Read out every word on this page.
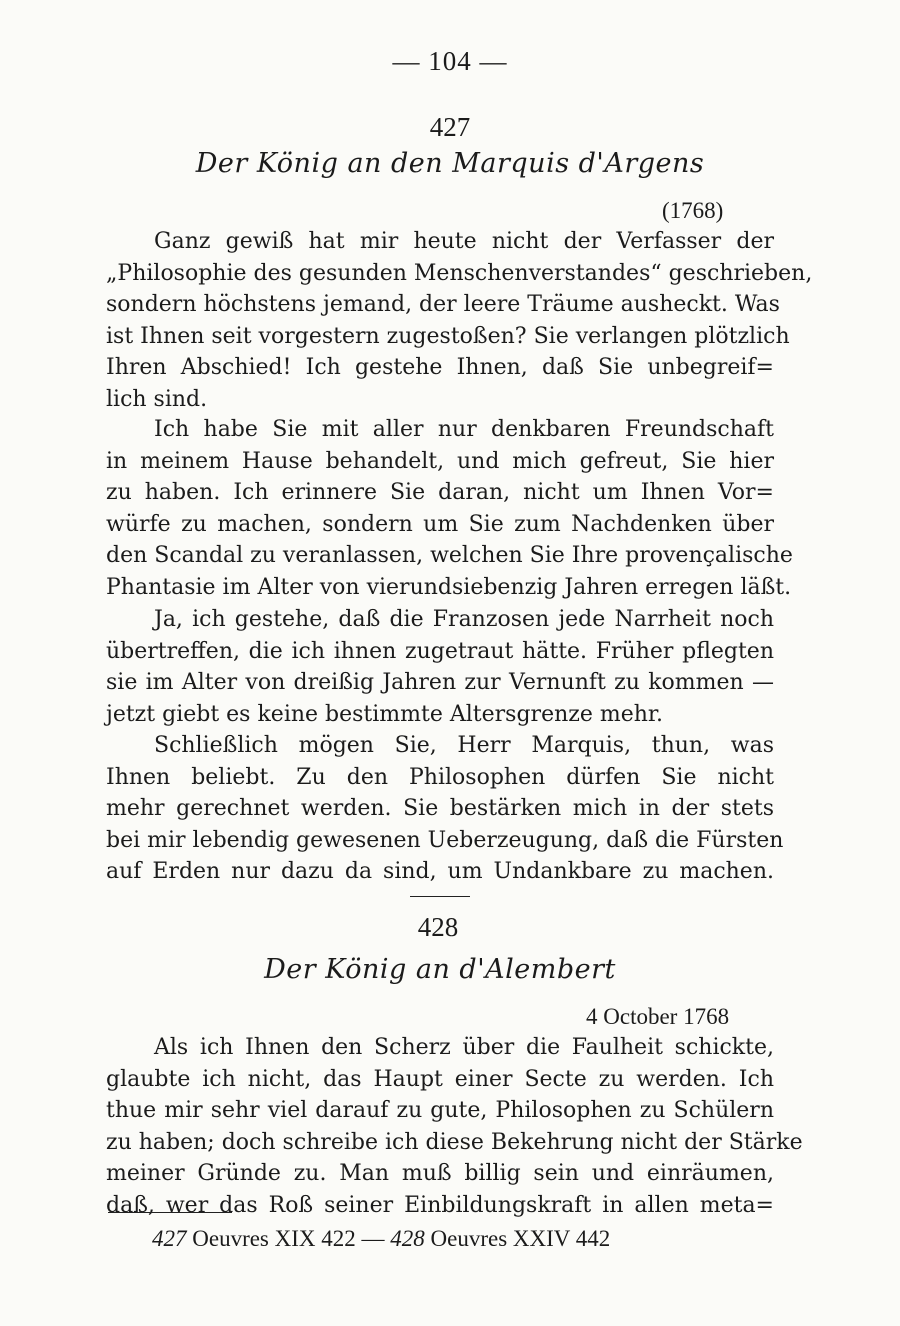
— 104 —
427
Der König an den Marquis d'Argens
(1768)
Ganz gewiß hat mir heute nicht der Verfasser der
„Philosophie des gesunden Menschenverstandes“ geschrieben,
sondern höchstens jemand, der leere Träume ausheckt. Was
ist Ihnen seit vorgestern zugestoßen? Sie verlangen plötzlich
Ihren Abschied! Ich gestehe Ihnen, daß Sie unbegreif=
lich sind.
Ich habe Sie mit aller nur denkbaren Freundschaft
in meinem Hause behandelt, und mich gefreut, Sie hier
zu haben. Ich erinnere Sie daran, nicht um Ihnen Vor=
würfe zu machen, sondern um Sie zum Nachdenken über
den Scandal zu veranlassen, welchen Sie Ihre provençalische
Phantasie im Alter von vierundsiebenzig Jahren erregen läßt.
Ja, ich gestehe, daß die Franzosen jede Narrheit noch
übertreffen, die ich ihnen zugetraut hätte. Früher pflegten
sie im Alter von dreißig Jahren zur Vernunft zu kommen —
jetzt giebt es keine bestimmte Altersgrenze mehr.
Schließlich mögen Sie, Herr Marquis, thun, was
Ihnen beliebt. Zu den Philosophen dürfen Sie nicht
mehr gerechnet werden. Sie bestärken mich in der stets
bei mir lebendig gewesenen Ueberzeugung, daß die Fürsten
auf Erden nur dazu da sind, um Undankbare zu machen.
428
Der König an d'Alembert
4 October 1768
Als ich Ihnen den Scherz über die Faulheit schickte,
glaubte ich nicht, das Haupt einer Secte zu werden. Ich
thue mir sehr viel darauf zu gute, Philosophen zu Schülern
zu haben; doch schreibe ich diese Bekehrung nicht der Stärke
meiner Gründe zu. Man muß billig sein und einräumen,
daß, wer das Roß seiner Einbildungskraft in allen meta=
427 Oeuvres XIX 422 — 428 Oeuvres XXIV 442
